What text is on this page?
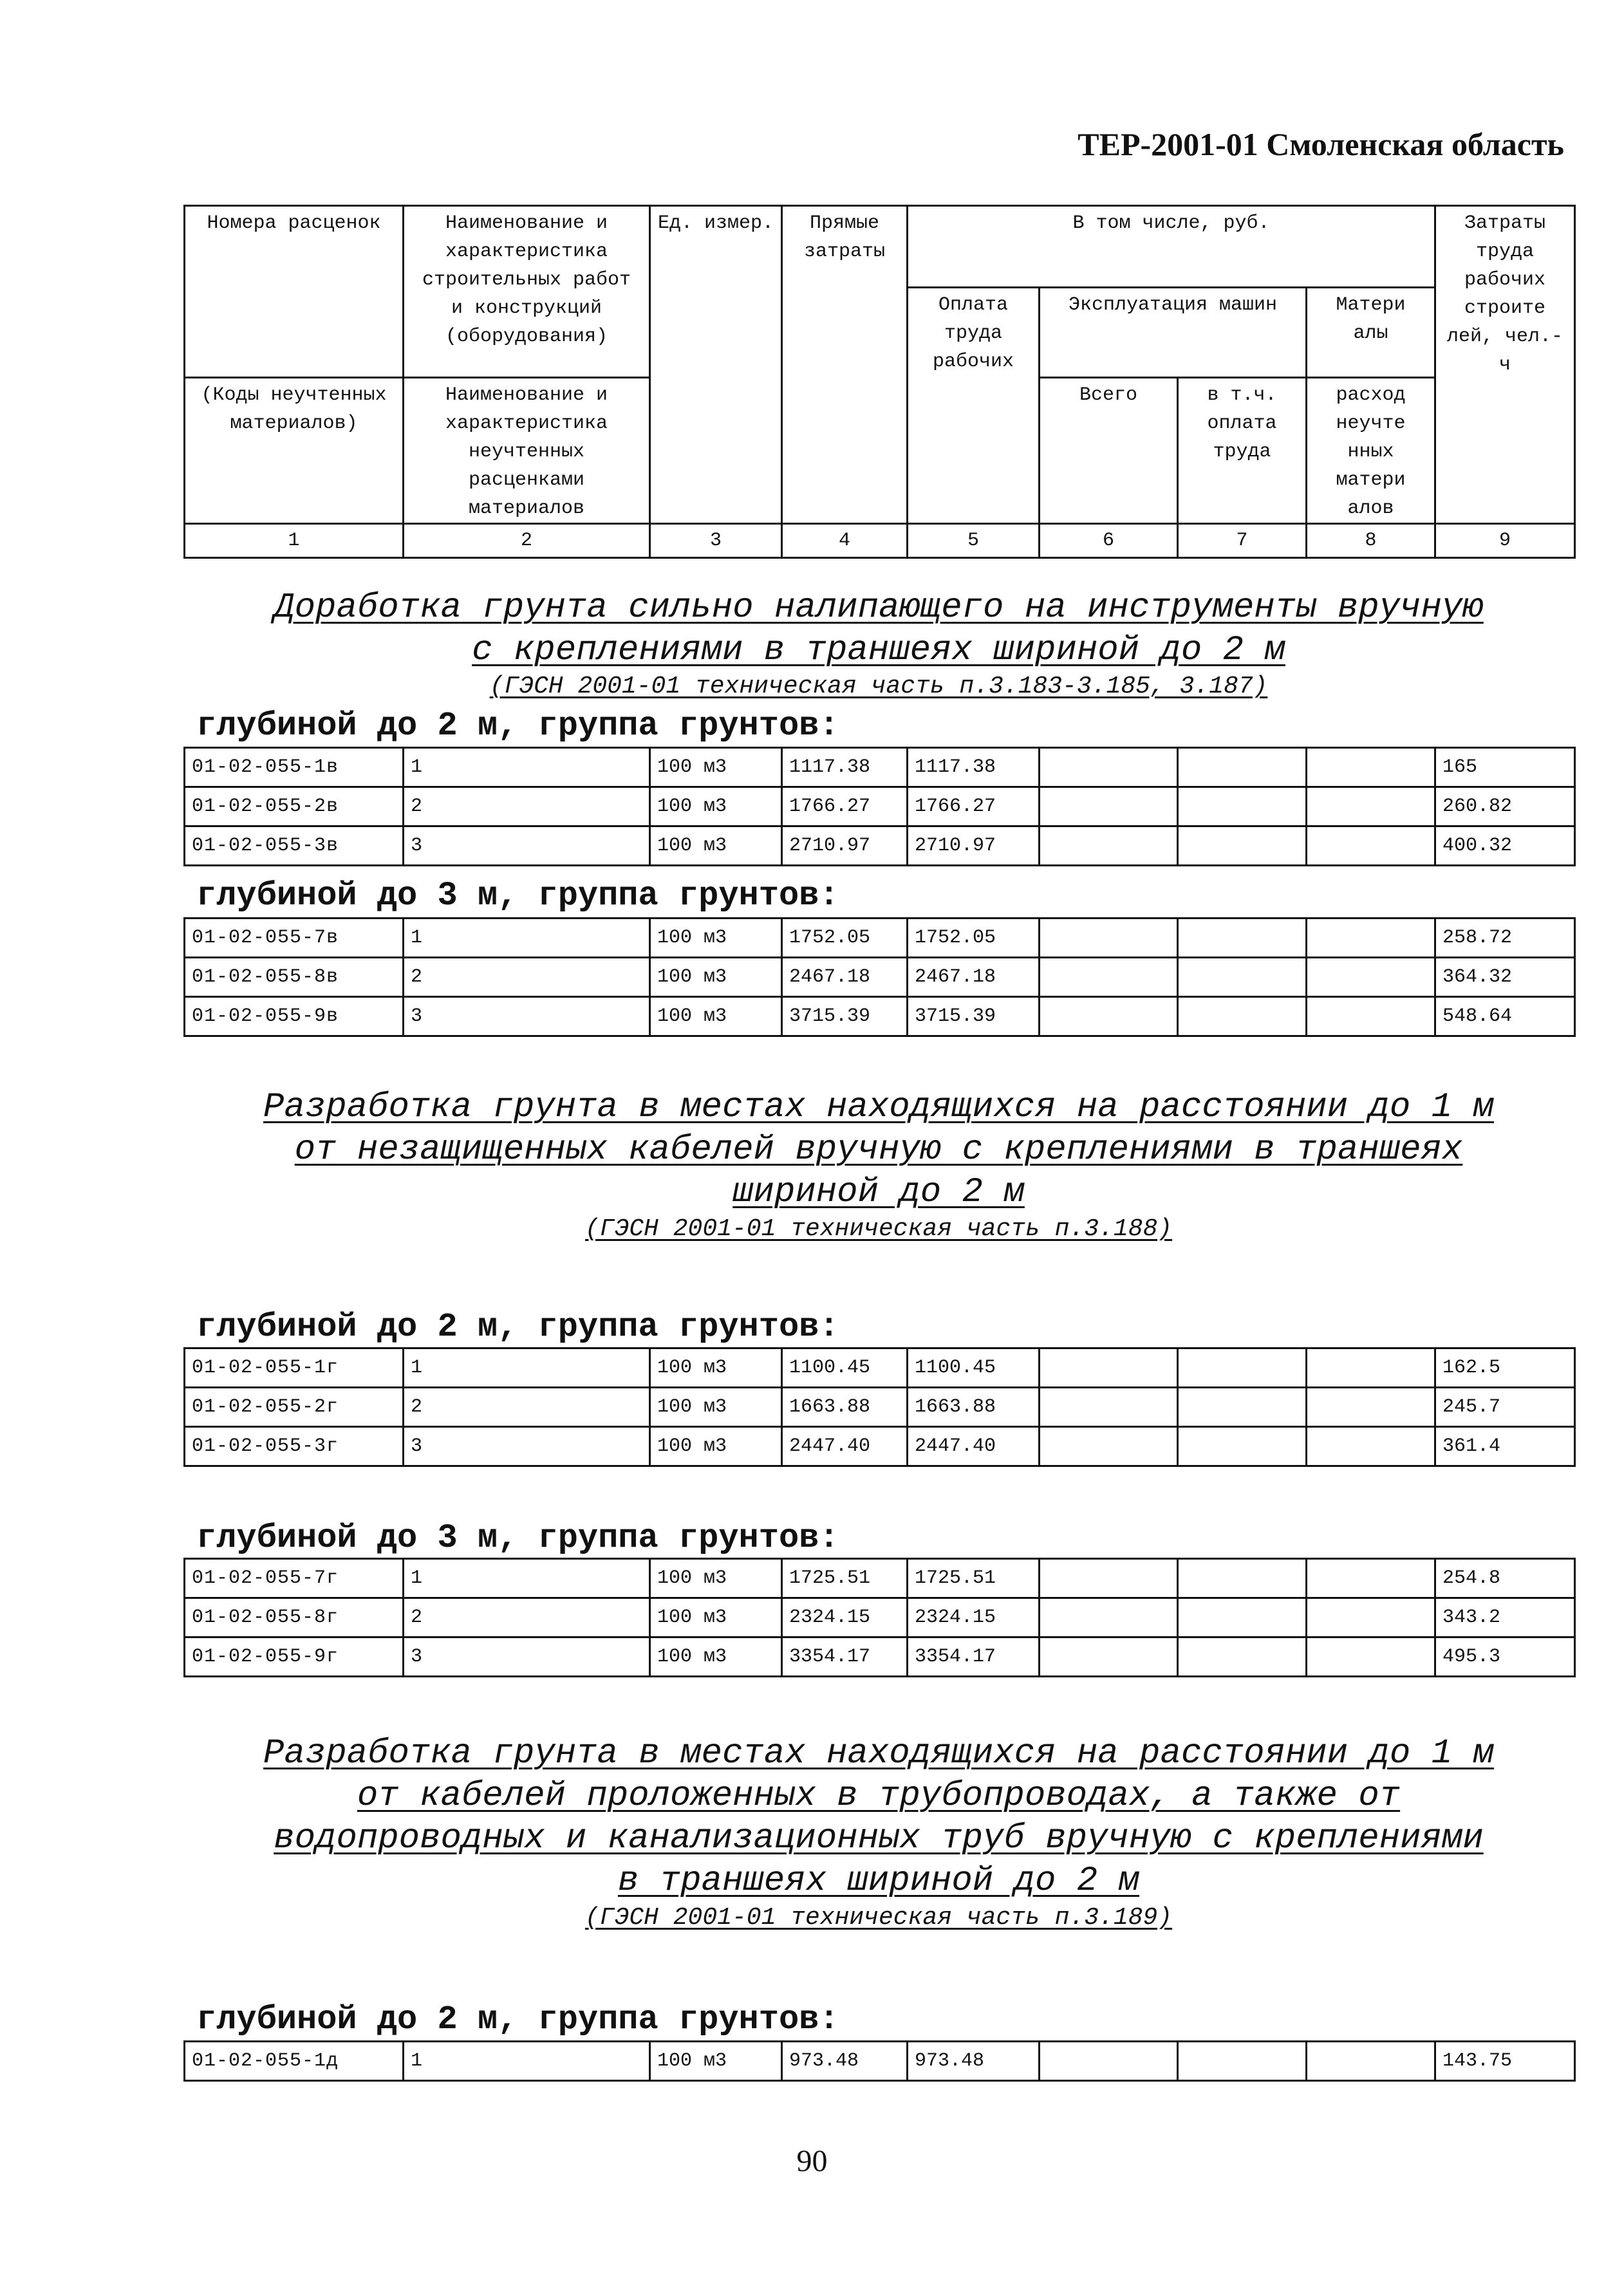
ТЕР-2001-01 Смоленская область
Номера расценок	Наименование и характеристика строительных работ и конструкций (оборудования)	Ед. измер.	Прямые затраты	В том числе, руб.				Затраты труда рабочих строите лей, чел.-ч
				Оплата труда рабочих	Эксплуатация машин		Матери алы	
(Коды неучтенных материалов)	Наименование и характеристика неучтенных расценками материалов				Всего	в т.ч. оплата труда	расход неучте нных матери алов	

1	2	3	4	5	6	7	8	9
Доработка грунта сильно налипающего на инструменты вручную
с креплениями в траншеях шириной до 2 м
(ГЭСН 2001-01 техническая часть п.3.183-3.185, 3.187)
глубиной до 2 м, группа грунтов:
01-02-055-1в	1	100 м3	1117.38	1117.38				165
01-02-055-2в	2	100 м3	1766.27	1766.27				260.82
01-02-055-3в	3	100 м3	2710.97	2710.97				400.32
глубиной до 3 м, группа грунтов:
01-02-055-7в	1	100 м3	1752.05	1752.05				258.72
01-02-055-8в	2	100 м3	2467.18	2467.18				364.32
01-02-055-9в	3	100 м3	3715.39	3715.39				548.64
Разработка грунта в местах находящихся на расстоянии до 1 м
от незащищенных кабелей вручную с креплениями в траншеях
шириной до 2 м
(ГЭСН 2001-01 техническая часть п.3.188)
глубиной до 2 м, группа грунтов:
01-02-055-1г	1	100 м3	1100.45	1100.45				162.5
01-02-055-2г	2	100 м3	1663.88	1663.88				245.7
01-02-055-3г	3	100 м3	2447.40	2447.40				361.4
глубиной до 3 м, группа грунтов:
01-02-055-7г	1	100 м3	1725.51	1725.51				254.8
01-02-055-8г	2	100 м3	2324.15	2324.15				343.2
01-02-055-9г	3	100 м3	3354.17	3354.17				495.3
Разработка грунта в местах находящихся на расстоянии до 1 м
от кабелей проложенных в трубопроводах, а также от
водопроводных и канализационных труб вручную с креплениями
в траншеях шириной до 2 м
(ГЭСН 2001-01 техническая часть п.3.189)
глубиной до 2 м, группа грунтов:
01-02-055-1д	1	100 м3	973.48	973.48				143.75
90
